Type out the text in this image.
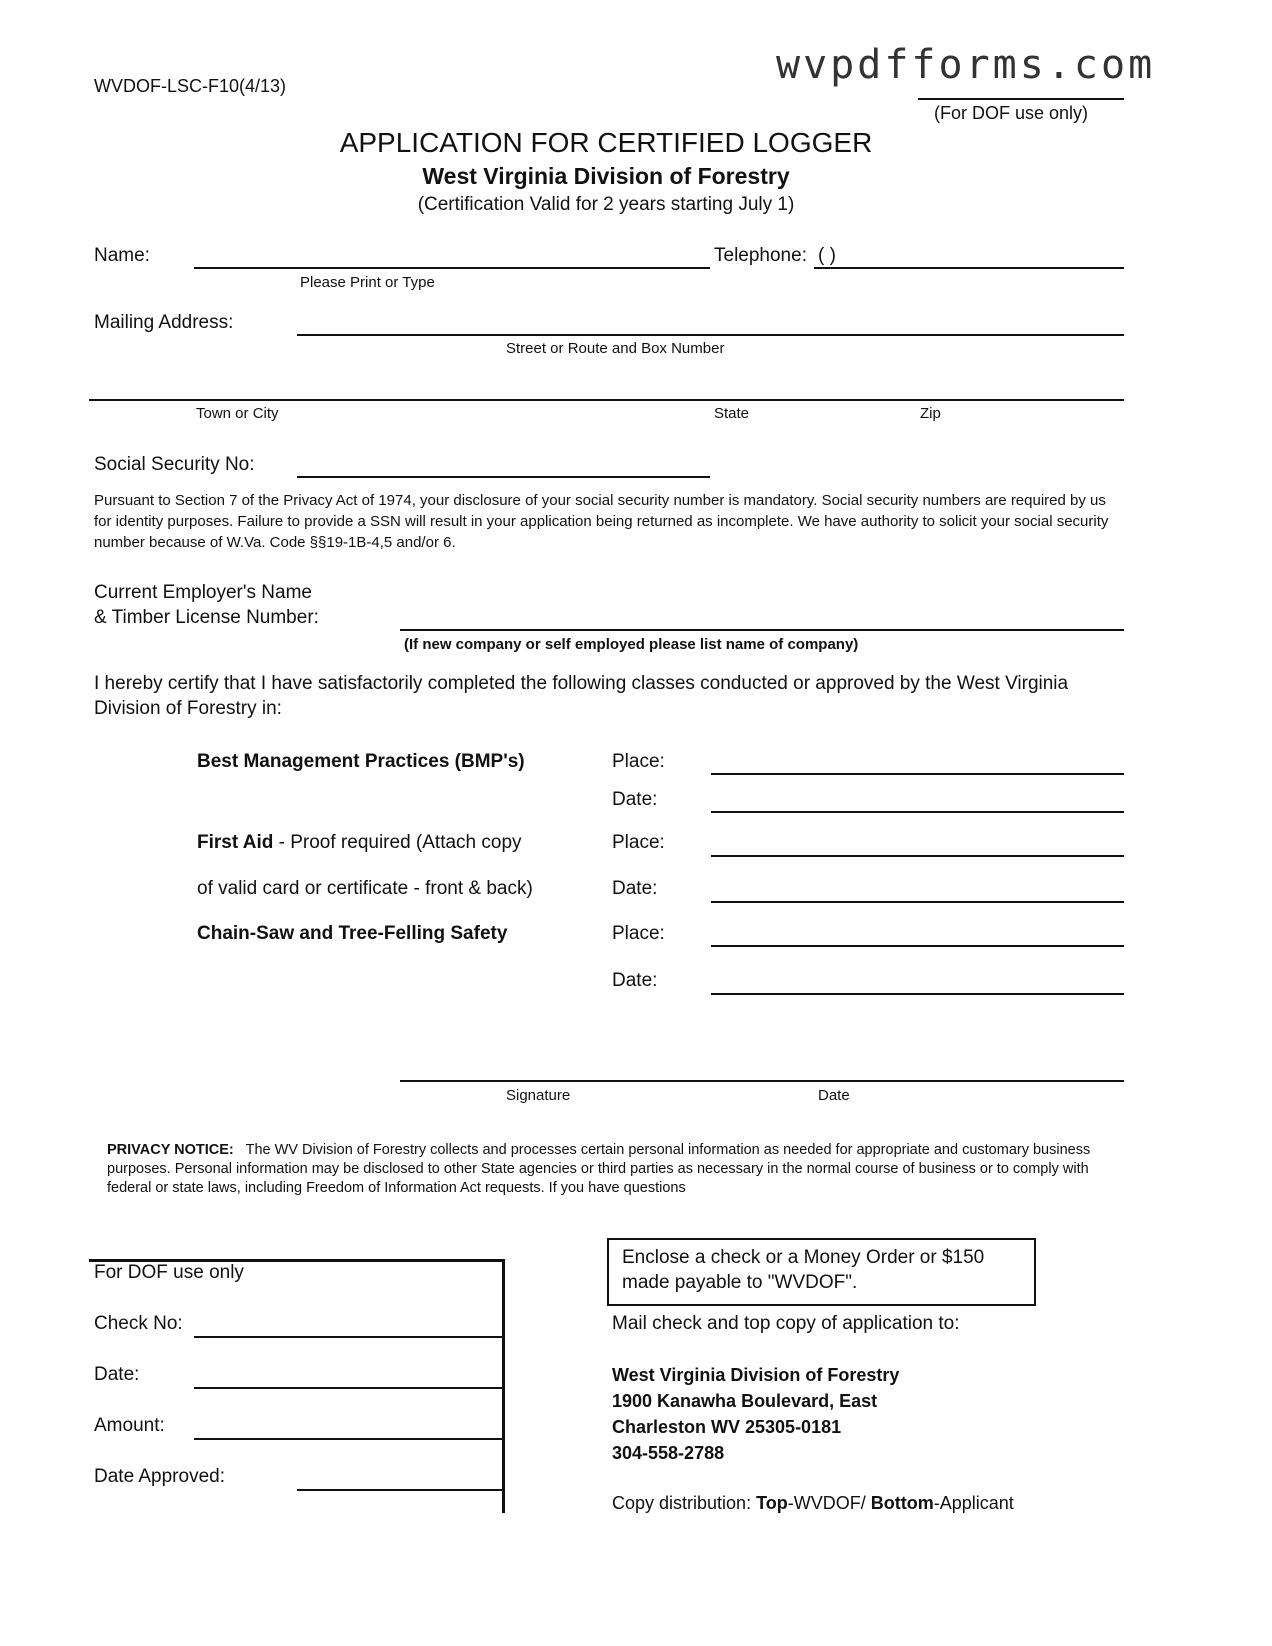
WVDOF-LSC-F10(4/13)	wvpdfforms.com
(For DOF use only)
APPLICATION FOR CERTIFIED LOGGER
West Virginia Division of Forestry
(Certification Valid for 2 years starting July 1)
Name:
Please Print or Type
Telephone: ( )
Mailing Address:
Street or Route and Box Number
Town or City	State	Zip
Social Security No:
Pursuant to Section 7 of the Privacy Act of 1974, your disclosure of your social security number is mandatory. Social security numbers are required by us for identity purposes. Failure to provide a SSN will result in your application being returned as incomplete. We have authority to solicit your social security number because of W.Va. Code §§19-1B-4,5 and/or 6.
Current Employer's Name
& Timber License Number:
(If new company or self employed please list name of company)
I hereby certify that I have satisfactorily completed the following classes conducted or approved by the West Virginia Division of Forestry in:
Best Management Practices (BMP's)	Place:
Date:
First Aid - Proof required (Attach copy	Place:
of valid card or certificate - front & back)	Date:
Chain-Saw and Tree-Felling Safety	Place:
Date:
Signature	Date
PRIVACY NOTICE: The WV Division of Forestry collects and processes certain personal information as needed for appropriate and customary business purposes. Personal information may be disclosed to other State agencies or third parties as necessary in the normal course of business or to comply with federal or state laws, including Freedom of Information Act requests. If you have questions
For DOF use only
Check No:
Date:
Amount:
Date Approved:
Enclose a check or a Money Order or $150
made payable to "WVDOF".
Mail check and top copy of application to:
West Virginia Division of Forestry
1900 Kanawha Boulevard, East
Charleston WV 25305-0181
304-558-2788
Copy distribution: Top-WVDOF/ Bottom-Applicant
